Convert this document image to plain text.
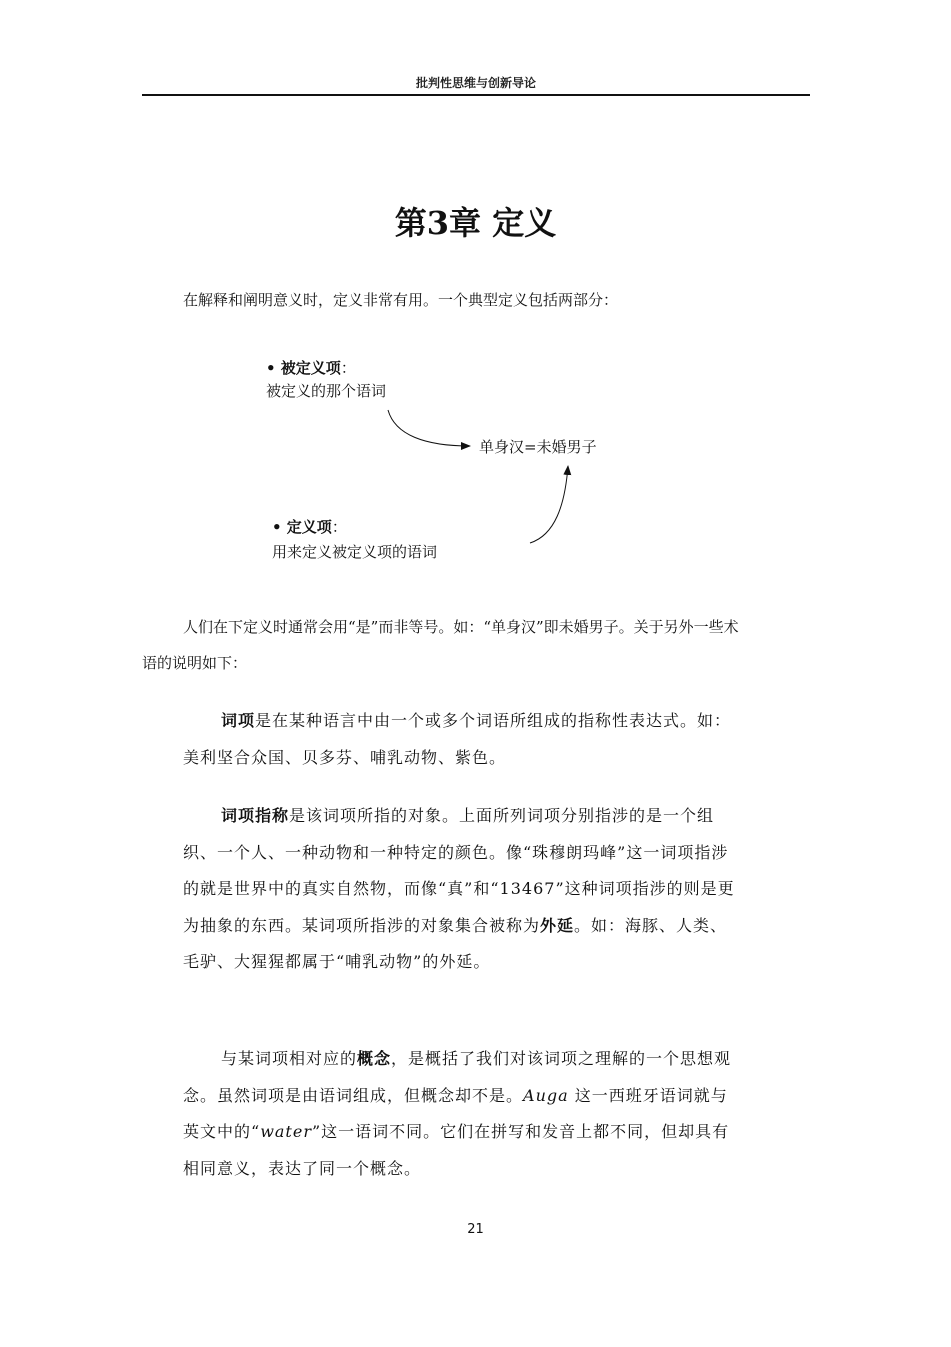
批判性思维与创新导论
第3章 定义
在解释和阐明意义时，定义非常有用。一个典型定义包括两部分：
• 被定义项：
被定义的那个语词
单身汉=未婚男子
• 定义项：
用来定义被定义项的语词
人们在下定义时通常会用“是”而非等号。如：“单身汉”即未婚男子。关于另外一些术
语的说明如下：

词项是在某种语言中由一个或多个词语所组成的指称性表达式。如：美利坚合众国、贝多芬、哺乳动物、紫色。

词项指称是该词项所指的对象。上面所列词项分别指涉的是一个组织、一个人、一种动物和一种特定的颜色。像“珠穆朗玛峰”这一词项指涉的就是世界中的真实自然物，而像“真”和“13467”这种词项指涉的则是更为抽象的东西。某词项所指涉的对象集合被称为外延。如：海豚、人类、毛驴、大猩猩都属于“哺乳动物”的外延。

与某词项相对应的概念，是概括了我们对该词项之理解的一个思想观念。虽然词项是由语词组成，但概念却不是。Auga 这一西班牙语词就与英文中的“water”这一语词不同。它们在拼写和发音上都不同，但却具有相同意义，表达了同一个概念。

21
